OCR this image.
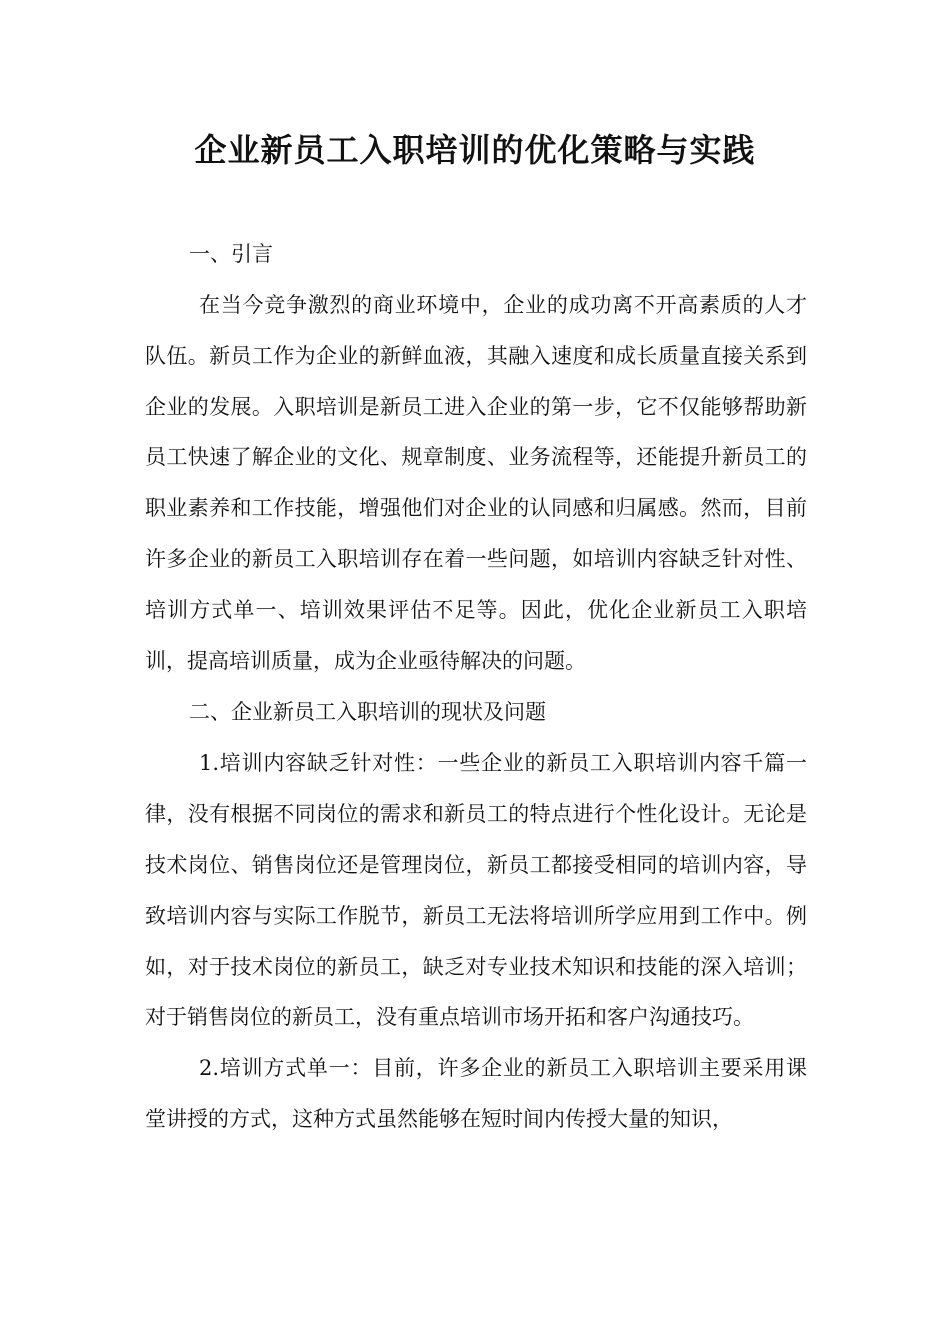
企业新员工入职培训的优化策略与实践

一、引言

在当今竞争激烈的商业环境中，企业的成功离不开高素质的人才队伍。新员工作为企业的新鲜血液，其融入速度和成长质量直接关系到企业的发展。入职培训是新员工进入企业的第一步，它不仅能够帮助新员工快速了解企业的文化、规章制度、业务流程等，还能提升新员工的职业素养和工作技能，增强他们对企业的认同感和归属感。然而，目前许多企业的新员工入职培训存在着一些问题，如培训内容缺乏针对性、培训方式单一、培训效果评估不足等。因此，优化企业新员工入职培训，提高培训质量，成为企业亟待解决的问题。

二、企业新员工入职培训的现状及问题

1.培训内容缺乏针对性：一些企业的新员工入职培训内容千篇一律，没有根据不同岗位的需求和新员工的特点进行个性化设计。无论是技术岗位、销售岗位还是管理岗位，新员工都接受相同的培训内容，导致培训内容与实际工作脱节，新员工无法将培训所学应用到工作中。例如，对于技术岗位的新员工，缺乏对专业技术知识和技能的深入培训；对于销售岗位的新员工，没有重点培训市场开拓和客户沟通技巧。

2.培训方式单一：目前，许多企业的新员工入职培训主要采用课堂讲授的方式，这种方式虽然能够在短时间内传授大量的知识，
